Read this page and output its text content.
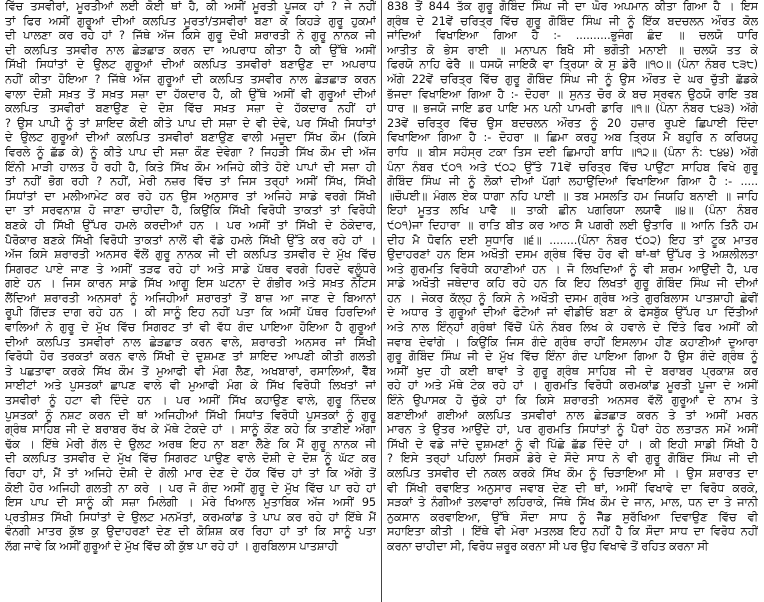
ਵਿੱਚ ਤਸਵੀਰਾਂ, ਮੂਰਤੀਆਂ ਲਈ ਕੋਈ ਥਾਂ ਹੈ, ਕੀ ਅਸੀਂ ਮੂਰਤੀ ਪੂਜਕ ਹਾਂ ? ਜੇ ਨਹੀਂ
ਤਾਂ ਫਿਰ ਅਸੀਂ ਗੁਰੂਆਂ ਦੀਆਂ ਕਲਪਿਤ ਮੂਰਤਾਂ/ਤਸਵੀਰਾਂ ਬਣਾ ਕੇ ਕਿਹੜੇ ਗੁਰੂ ਹੁਕਮਾਂ
ਦੀ ਪਾਲਣਾ ਕਰ ਰਹੇ ਹਾਂ ? ਜਿੱਥੇ ਅੱਜ ਕਿਸੇ ਗੁਰੂ ਦੋਖੀ ਸ਼ਰਾਰਤੀ ਨੇ ਗੁਰੂ ਨਾਨਕ ਜੀ
ਦੀ ਕਲਪਿਤ ਤਸਵੀਰ ਨਾਲ ਛੇੜਛਾੜ ਕਰਨ ਦਾ ਅਪਰਾਧ ਕੀਤਾ ਹੈ ਕੀ ਉੱਥੇ ਅਸੀਂ
ਸਿੱਖੀ ਸਿਧਾਂਤਾਂ ਦੇ ਉਲਟ ਗੁਰੂਆਂ ਦੀਆਂ ਕਲਪਿਤ ਤਸਵੀਰਾਂ ਬਣਾਉਣ ਦਾ ਅਪਰਾਧ
ਨਹੀਂ ਕੀਤਾ ਹੋਇਆ ? ਜਿੱਥੇ ਅੱਜ ਗੁਰੂਆਂ ਦੀ ਕਲਪਿਤ ਤਸਵੀਰ ਨਾਲ ਛੇੜਛਾੜ ਕਰਨ
ਵਾਲਾ ਦੋਸ਼ੀ ਸਖ਼ਤ ਤੋਂ ਸਖ਼ਤ ਸਜ਼ਾ ਦਾ ਹੱਕਦਾਰ ਹੈ, ਕੀ ਉੱਥੇ ਅਸੀਂ ਵੀ ਗੁਰੂਆਂ ਦੀਆਂ
ਕਲਪਿਤ ਤਸਵੀਰਾਂ ਬਣਾਉਣ ਦੇ ਦੋਸ਼ ਵਿੱਚ ਸਖ਼ਤ ਸਜ਼ਾ ਦੇ ਹੱਕਦਾਰ ਨਹੀਂ ਹਾਂ
? ਉਸ ਪਾਪੀ ਨੂੰ ਤਾਂ ਸ਼ਾਇਦ ਕੋਈ ਕੀਤੇ ਪਾਪ ਦੀ ਸਜ਼ਾ ਦੇ ਵੀ ਦੇਵੇ, ਪਰ ਸਿੱਖੀ ਸਿਧਾਂਤਾਂ
ਦੇ ਉਲਟ ਗੁਰੂਆਂ ਦੀਆਂ ਕਲਪਿਤ ਤਸਵੀਰਾਂ ਬਣਾਉਣ ਵਾਲੀ ਮਜੂਦਾ ਸਿੱਖ ਕੌਮ (ਕਿਸੇ
ਵਿਰਲੇ ਨੂੰ ਛੱਡ ਕੇ) ਨੂੰ ਕੀਤੇ ਪਾਪ ਦੀ ਸਜ਼ਾ ਕੌਣ ਦੇਵੇਗਾ ? ਜਿਹੜੀ ਸਿੱਖ ਕੌਮ ਦੀ ਅੱਜ
ਇੰਨੀ ਮਾੜੀ ਹਾਲਤ ਹੋ ਰਹੀ ਹੈ, ਕਿਤੇ ਸਿੱਖ ਕੌਮ ਅਜਿਹੇ ਕੀਤੇ ਹੋਏ ਪਾਪਾਂ ਦੀ ਸਜ਼ਾ ਹੀ
ਤਾਂ ਨਹੀਂ ਭੋਗ ਰਹੀ ? ਨਹੀਂ, ਮੇਰੀ ਨਜ਼ਰ ਵਿੱਚ ਤਾਂ ਜਿਸ ਤਰ੍ਹਾਂ ਅਸੀਂ ਸਿੱਖ, ਸਿੱਖੀ
ਸਿਧਾਂਤਾਂ ਦਾ ਮਲੀਆਮੇਟ ਕਰ ਰਹੇ ਹਨ ਉਸ ਅਨੁਸਾਰ ਤਾਂ ਅਜਿਹੇ ਸਾਡੇ ਵਰਗੇ ਸਿੱਖੀ
ਦਾ ਤਾਂ ਸਰਵਨਾਸ਼ ਹੋ ਜਾਣਾ ਚਾਹੀਦਾ ਹੈ, ਕਿਉਂਕਿ ਸਿੱਖੀ ਵਿਰੋਧੀ ਤਾਕਤਾਂ ਤਾਂ ਵਿਰੋਧੀ
ਬਣਕੇ ਹੀ ਸਿੱਖੀ ਉੱਪਰ ਹਮਲੇ ਕਰਦੀਆਂ ਹਨ । ਪਰ ਅਸੀਂ ਤਾਂ ਸਿੱਖੀ ਦੇ ਠੇਕੇਦਾਰ,
ਪੈਰੋਕਾਰ ਬਣਕੇ ਸਿੱਖੀ ਵਿਰੋਧੀ ਤਾਕਤਾਂ ਨਾਲੋਂ ਵੀ ਵੱਡੇ ਹਮਲੇ ਸਿੱਖੀ ਉੱਤੇ ਕਰ ਰਹੇ ਹਾਂ ।
ਅੱਜ ਕਿਸੇ ਸ਼ਰਾਰਤੀ ਅਨਸਰ ਵੱਲੋਂ ਗੁਰੂ ਨਾਨਕ ਜੀ ਦੀ ਕਲਪਿਤ ਤਸਵੀਰ ਦੇ ਮੁੱਖ ਵਿੱਚ
ਸਿਗਰਟ ਪਾਏ ਜਾਣ ਤੇ ਅਸੀਂ ਤੜਫ ਰਹੇ ਹਾਂ ਅਤੇ ਸਾਡੇ ਪੱਥਰ ਵਰਗੇ ਹਿਰਦੇ ਵਲੂੰਧਰੇ
ਗਏ ਹਨ । ਜਿਸ ਕਾਰਨ ਸਾਡੇ ਸਿੱਖ ਆਗੂ ਇਸ ਘਟਨਾ ਦੇ ਗੰਭੀਰ ਅਤੇ ਸਖ਼ਤ ਨੋਟਿਸ
ਲੈਂਦਿਆਂ ਸ਼ਰਾਰਤੀ ਅਨਸਰਾਂ ਨੂੰ ਅਜਿਹੀਆਂ ਸ਼ਰਾਰਤਾਂ ਤੋਂ ਬਾਜ਼ ਆ ਜਾਣ ਦੇ ਬਿਆਨਾਂ
ਰੂਪੀ ਗਿੱਦੜ ਦਾਗ ਰਹੇ ਹਨ । ਕੀ ਸਾਨੂੰ ਇਹ ਨਹੀਂ ਪਤਾ ਕਿ ਅਸੀਂ ਪੱਥਰ ਹਿਰਦਿਆਂ
ਵਾਲਿਆਂ ਨੇ ਗੁਰੂ ਦੇ ਮੁੱਖ ਵਿੱਚ ਸਿਗਰਟ ਤਾਂ ਵੀ ਵੱਧ ਗੰਦ ਪਾਇਆ ਹੋਇਆ ਹੈ ਗੁਰੂਆਂ
ਦੀਆਂ ਕਲਪਿਤ ਤਸਵੀਰਾਂ ਨਾਲ ਛੇੜਛਾੜ ਕਰਨ ਵਾਲੇ, ਸ਼ਰਾਰਤੀ ਅਨਸਰ ਜਾਂ ਸਿੱਖੀ
ਵਿਰੋਧੀ ਹੋਰ ਤਰਕਤਾਂ ਕਰਨ ਵਾਲੇ ਸਿੱਖੀ ਦੇ ਦੁਸ਼ਮਣ ਤਾਂ ਸ਼ਾਇਦ ਆਪਣੀ ਕੀਤੀ ਗਲਤੀ
ਤੇ ਪਛਤਾਵਾ ਕਰਕੇ ਸਿੱਖ ਕੌਮ ਤੋਂ ਮੁਆਫੀ ਵੀ ਮੰਗ ਲੈਣ, ਅਖਬਾਰਾਂ, ਰਸਾਲਿਆਂ, ਵੈੱਬ
ਸਾਈਟਾਂ ਅਤੇ ਪੁਸਤਕਾਂ ਛਾਪਣ ਵਾਲੇ ਵੀ ਮੁਆਫੀ ਮੰਗ ਕੇ ਸਿੱਖ ਵਿਰੋਧੀ ਲਿਖਤਾਂ ਜਾਂ
ਤਸਵੀਰਾਂ ਨੂੰ ਹਟਾ ਵੀ ਦਿੰਦੇ ਹਨ । ਪਰ ਅਸੀਂ ਸਿੱਖ ਕਹਾਉਣ ਵਾਲੇ, ਗੁਰੂ ਨਿੰਦਕ
ਪੁਸਤਕਾਂ ਨੂੰ ਨਸ਼ਟ ਕਰਨ ਦੀ ਥਾਂ ਅਜਿਹੀਆਂ ਸਿੱਖੀ ਸਿਧਾਂਤ ਵਿਰੋਧੀ ਪੁਸਤਕਾਂ ਨੂੰ ਗੁਰੂ
ਗ੍ਰੰਥ ਸਾਹਿਬ ਜੀ ਦੇ ਬਰਾਬਰ ਰੱਖ ਕੇ ਮੱਥੇ ਟੇਕਦੇ ਹਾਂ । ਸਾਨੂੰ ਕੌਣ ਕਹੇ ਕਿ ਤਾਣੀਏ ਅੱਗਾ
ਢੱਕ । ਇੱਥੇ ਮੇਰੀ ਗੱਲ ਦੇ ਉਲਟ ਅਰਥ ਇਹ ਨਾ ਬਣਾ ਲੈਣੇ ਕਿ ਮੈਂ ਗੁਰੂ ਨਾਨਕ ਜੀ
ਦੀ ਕਲਪਿਤ ਤਸਵੀਰ ਦੇ ਮੁੱਖ ਵਿੱਚ ਸਿਗਰਟ ਪਾਉਣ ਵਾਲੇ ਦੋਸ਼ੀ ਦੇ ਦੋਸ਼ ਨੂੰ ਘੱਟ ਕਰ
ਰਿਹਾ ਹਾਂ, ਮੈਂ ਤਾਂ ਅਜਿਹੇ ਦੋਸ਼ੀ ਦੇ ਗੋਲੀ ਮਾਰ ਦੇਣ ਦੇ ਹੱਕ ਵਿੱਚ ਹਾਂ ਤਾਂ ਕਿ ਅੱਗੇ ਤੋਂ
ਕੋਈ ਹੋਰ ਅਜਿਹੀ ਗਲਤੀ ਨਾ ਕਰੇ । ਪਰ ਜੋ ਗੰਦ ਅਸੀਂ ਗੁਰੂ ਦੇ ਮੁੱਖ ਵਿੱਚ ਪਾ ਰਹੇ ਹਾਂ
ਇਸ ਪਾਪ ਦੀ ਸਾਨੂੰ ਕੀ ਸਜ਼ਾ ਮਿਲੇਗੀ । ਮੇਰੇ ਖਿਆਲ ਮੁਤਾਬਿਕ ਅੱਜ ਅਸੀਂ 95
ਪ੍ਰਤੀਸ਼ਤ ਸਿੱਖੀ ਸਿਧਾਂਤਾਂ ਦੇ ਉਲਟ ਮਨਮੱਤਾਂ, ਕਰਮਕਾਂਡ ਤੇ ਪਾਪ ਕਰ ਰਹੇ ਹਾਂ ਇੱਥੇ ਮੈਂ
ਵੰਨਗੀ ਮਾਤਰ ਕੁੱਝ ਕੁ ਉਦਾਹਰਣਾਂ ਦੇਣ ਦੀ ਕੋਸ਼ਿਸ਼ ਕਰ ਰਿਹਾ ਹਾਂ ਤਾਂ ਕਿ ਸਾਨੂੰ ਪਤਾ
ਲੱਗ ਜਾਵੇ ਕਿ ਅਸੀਂ ਗੁਰੂਆਂ ਦੇ ਮੁੱਖ ਵਿੱਚ ਕੀ ਕੁੱਝ ਪਾ ਰਹੇ ਹਾਂ । ਗੁਰਬਿਲਾਸ ਪਾਤਸ਼ਾਹੀ
838 ਤੋਂ 844 ਤੱਕ ਗੁਰੂ ਗੋਬਿੰਦ ਸਿੰਘ ਜੀ ਦਾ ਘੋਰ ਅਪਮਾਨ ਕੀਤਾ ਗਿਆ ਹੈ । ਇਸ
ਗ੍ਰੰਥ ਦੇ 21ਵੇਂ ਚਰਿਤ੍ਰ ਵਿੱਚ ਗੁਰੂ ਗੋਬਿੰਦ ਸਿੰਘ ਜੀ ਨੂੰ ਇੱਕ ਬਦਚਲਨ ਔਰਤ ਕੋਲ
ਜਾਂਦਿਆਂ ਵਿਖਾਇਆ ਗਿਆ ਹੈ :- ..........ਭੁਜੰਗ ਛੰਦ ॥ ਚਲਯੋ ਧਾਰਿ
ਆਤੀਤ ਕੋ ਭੇਸ ਰਾਈ ॥ ਮਨਾਪਨ ਬਿਖੈ ਸੀ ਭਗੌਤੀ ਮਨਾਈ ॥ ਚਲਯੋ ਤਤ ਕੇ
ਫਿਰਯੋ ਨਾਹਿ ਫੇਰੈ ॥ ਧਸਯੋ ਜਾਇਕੈ ਵਾ ਤ੍ਰਿਯਾ ਕੇ ਸੁ ਡੇਰੈ ॥੧੦॥ (ਪੰਨਾ ਨੰਬਰ ੮੩੮)
ਅੱਗੇ 22ਵੇਂ ਚਰਿਤ੍ਰ ਵਿੱਚ ਗੁਰੂ ਗੋਬਿੰਦ ਸਿੰਘ ਜੀ ਨੂੰ ਉਸ ਔਰਤ ਦੇ ਘਰ ਚੁੱਤੀ ਛੱਡਕੇ
ਭੱਜਦਾ ਵਿਖਾਇਆ ਗਿਆ ਹੈ :- ਦੋਹਰਾ ॥ ਸੁਨਤ ਚੋਰ ਕੇ ਬਚ ਸ੍ਰਵਨ ਉਠਯੋ ਰਾਇ ਤਬ
ਧਾਰ ॥ ਭਜਯੋ ਜਾਇ ਡਰ ਪਾਇ ਮਨ ਪਨੀ ਪਾਮਰੀ ਡਾਰਿ ॥੧॥ (ਪੰਨਾ ਨੰਬਰ ੮੪੩) ਅੱਗੇ
23ਵੇਂ ਚਰਿਤ੍ਰ ਵਿੱਚ ਉਸ ਬਦਚਲਨ ਔਰਤ ਨੂੰ 20 ਹਜ਼ਾਰ ਰੁਪਏ ਛਿਪਾਈ ਦਿੰਦਾ
ਵਿਖਾਇਆ ਗਿਆ ਹੈ :- ਦੋਹਰਾ ॥ ਛਿਮਾ ਕਰਹੁ ਅਬ ਤ੍ਰਿਯ ਮੈ ਬਹੁਰਿ ਨ ਕਰਿਯਹੁ
ਰਾਧਿ ॥ ਬੀਸ ਸਹੰਸ੍ਰ ਟਕਾ ਤਿਸ ਦਈ ਛਿਮਾਹੀ ਬਾਧਿ ॥੧੨॥ (ਪੰਨਾ ਨੰ: ੮੪੪) ਅੱਗੇ
ਪੰਨਾ ਨੰਬਰ ੯੦੧ ਅਤੇ ੯੦੨ ਉੱਤੇ 71ਵੇਂ ਚਰਿਤ੍ਰ ਵਿੱਚ ਪਾਉਂਟਾ ਸਾਹਿਬ ਵਿਖੇ ਗੁਰੂ
ਗੋਬਿੰਦ ਸਿੰਘ ਜੀ ਨੂੰ ਲੋਕਾਂ ਦੀਆਂ ਪੱਗਾਂ ਲਹਾਉਂਦਿਆਂ ਵਿਖਾਇਆ ਗਿਆ ਹੈ :- .....
॥ਚੌਪਈ॥ ਮੰਗਲ ਏਕ ਧਾਗਾ ਨਹਿ ਪਾਈ ॥ ਤਬ ਮਸਲਤਿ ਹਮ ਜਿਯਹਿ ਬਨਾਈ ॥ ਜਾਹਿ
ਇਹਾਂ ਮੂਤਤ ਲਖਿ ਪਾਵੈ ॥ ਤਾਕੀ ਛੀਨ ਪਗਰਿਯਾ ਲਯਾਵੈ ॥੪॥ (ਪੰਨਾ ਨੰਬਰ
੯੦੧)ਜਾ ਦਿਹਾਰਾ ॥ ਰਾਤਿ ਬੀਤ ਕਰ ਆਠ ਸੈ ਪਗਰੀ ਲਈ ਉਤਾਰਿ ॥ ਆਨਿ ਤਿਨੈ ਹਮ
ਦੀਹ ਮੈ ਧੋਵਨਿ ਦਈ ਸੁਧਾਰਿ ॥੬॥ ........(ਪੰਨਾ ਨੰਬਰ ੯੦੨) ਇਹ ਤਾਂ ਟੂਕ ਮਾਤਰ
ਉਦਾਹਰਣਾਂ ਹਨ ਇਸ ਅਖੌਤੀ ਦਸਮ ਗ੍ਰੰਥ ਵਿੱਚ ਹੋਰ ਵੀ ਥਾਂ-ਥਾਂ ਉੱਪਰ ਤੇ ਅਸ਼ਲੀਲਤਾ
ਅਤੇ ਗੁਰਮਤਿ ਵਿਰੋਧੀ ਕਹਾਣੀਆਂ ਹਨ । ਜੋ ਲਿਖਦਿਆਂ ਨੂੰ ਵੀ ਸ਼ਰਮ ਆਉਂਦੀ ਹੈ, ਪਰ
ਸਾਡੇ ਅਖੌਤੀ ਜਥੇਦਾਰ ਕਹਿ ਰਹੇ ਹਨ ਕਿ ਇਹ ਲਿਖਤਾਂ ਗੁਰੂ ਗੋਬਿੰਦ ਸਿੰਘ ਜੀ ਦੀਆਂ
ਹਨ । ਜੇਕਰ ਕੱਲ੍ਹ ਨੂੰ ਕਿਸੇ ਨੇ ਅਖੌਤੀ ਦਸਮ ਗ੍ਰੰਥ ਅਤੇ ਗੁਰਬਿਲਾਸ ਪਾਤਸ਼ਾਹੀ ਛੇਵੀਂ
ਦੇ ਅਧਾਰ ਤੇ ਗੁਰੂਆਂ ਦੀਆਂ ਫੋਟੋਆਂ ਜਾਂ ਵੀਡੀਓ ਬਣਾ ਕੇ ਫੇਸਬੁੱਕ ਉੱਪਰ ਪਾ ਦਿੱਤੀਆਂ
ਅਤੇ ਨਾਲ ਇੰਨ੍ਹਾਂ ਗ੍ਰੰਥਾਂ ਵਿੱਚੋਂ ਪੰਨੇ ਨੰਬਰ ਲਿਖ ਕੇ ਹਵਾਲੇ ਦੇ ਦਿੱਤੇ ਫਿਰ ਅਸੀਂ ਕੀ
ਜਵਾਬ ਦੇਵਾਂਗੇ । ਕਿਉਂਕਿ ਜਿਸ ਗੰਦੇ ਗ੍ਰੰਥ ਰਾਹੀਂ ਇਸਲਾਮ ਹੀਣ ਕਹਾਣੀਆਂ ਦੁਆਰਾ
ਗੁਰੂ ਗੋਬਿੰਦ ਸਿੰਘ ਜੀ ਦੇ ਮੁੱਖ ਵਿੱਚ ਇੰਨਾ ਗੰਦ ਪਾਇਆ ਗਿਆ ਹੈ ਉਸ ਗੰਦੇ ਗ੍ਰੰਥ ਨੂੰ
ਅਸੀਂ ਖੁਦ ਹੀ ਕਈ ਥਾਵਾਂ ਤੇ ਗੁਰੂ ਗ੍ਰੰਥ ਸਾਹਿਬ ਜੀ ਦੇ ਬਰਾਬਰ ਪ੍ਰਕਾਸ਼ ਕਰ
ਰਹੇ ਹਾਂ ਅਤੇ ਮੱਥੇ ਟੇਕ ਰਹੇ ਹਾਂ । ਗੁਰਮਤਿ ਵਿਰੋਧੀ ਕਰਮਕਾਂਡ ਮੂਰਤੀ ਪੂਜਾ ਦੇ ਅਸੀਂ
ਇੰਨੇ ਉਪਾਸਕ ਹੋ ਚੁੱਕੇ ਹਾਂ ਕਿ ਕਿਸੇ ਸ਼ਰਾਰਤੀ ਅਨਸਰ ਵੱਲੋਂ ਗੁਰੂਆਂ ਦੇ ਨਾਮ ਤੇ
ਬਣਾਈਆਂ ਗਈਆਂ ਕਲਪਿਤ ਤਸਵੀਰਾਂ ਨਾਲ ਛੇੜਛਾੜ ਕਰਨ ਤੇ ਤਾਂ ਅਸੀਂ ਮਰਨ
ਮਾਰਨ ਤੇ ਉਤਰ ਆਉਂਦੇ ਹਾਂ, ਪਰ ਗੁਰਮਤਿ ਸਿਧਾਂਤਾਂ ਨੂੰ ਪੈਰਾਂ ਹੇਠ ਲਤਾੜਨ ਸਮੇਂ ਅਸੀਂ
ਸਿੱਖੀ ਦੇ ਵਡੇ ਜਾਂਦੇ ਦੁਸ਼ਮਣਾਂ ਨੂੰ ਵੀ ਪਿੱਛੇ ਛੱਡ ਦਿੰਦੇ ਹਾਂ । ਕੀ ਇਹੀ ਸਾਡੀ ਸਿੱਖੀ ਹੈ
? ਇਸੇ ਤਰ੍ਹਾਂ ਪਹਿਲਾਂ ਸਿਰਸੇ ਡੇਰੇ ਦੇ ਸੌਦੇ ਸਾਧ ਨੇ ਵੀ ਗੁਰੂ ਗੋਬਿੰਦ ਸਿੰਘ ਜੀ ਦੀ
ਕਲਪਿਤ ਤਸਵੀਰ ਦੀ ਨਕਲ ਕਰਕੇ ਸਿੱਖ ਕੌਮ ਨੂੰ ਚਿੜਾਇਆ ਸੀ । ਉਸ ਸ਼ਰਾਰਤ ਦਾ
ਵੀ ਸਿੱਖੀ ਰਵਾਇਤ ਅਨੁਸਾਰ ਜਵਾਬ ਦੇਣ ਦੀ ਥਾਂ, ਅਸੀਂ ਵਿਖਾਵੇ ਦਾ ਵਿਰੋਧ ਕਰਕੇ,
ਸੜਕਾਂ ਤੇ ਨੰਗੀਆਂ ਤਲਵਾਰਾਂ ਲਹਿਰਾਕੇ, ਜਿੱਥੇ ਸਿੱਖ ਕੌਮ ਦੇ ਜਾਨ, ਮਾਲ, ਧਨ ਦਾ ਤੇ ਜਾਨੀ
ਨੁਕਸਾਨ ਕਰਵਾਇਆ, ਉੱਥੇ ਸੌਦਾ ਸਾਧ ਨੂੰ ਜੈੱਡ ਸੁਰੱਖਿਆ ਦਿਵਾਉਣ ਵਿੱਚ ਵੀ
ਸਹਾਇਤਾ ਕੀਤੀ । ਇੱਥੇ ਵੀ ਮੇਰਾ ਮਤਲਬ ਇਹ ਨਹੀਂ ਹੈ ਕਿ ਸੌਦਾ ਸਾਧ ਦਾ ਵਿਰੋਧ ਨਹੀਂ
ਕਰਨਾ ਚਾਹੀਦਾ ਸੀ, ਵਿਰੋਧ ਜ਼ਰੂਰ ਕਰਨਾ ਸੀ ਪਰ ਉਹ ਵਿਖਾਵੇ ਤੋਂ ਰਹਿਤ ਕਰਨਾ ਸੀ
